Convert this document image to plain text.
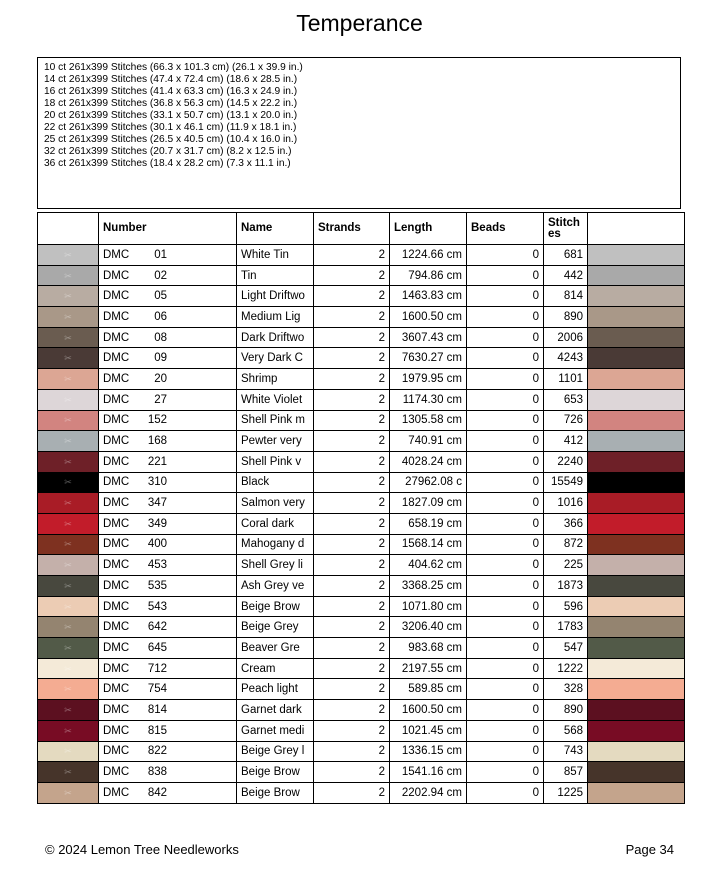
Temperance
10 ct 261x399 Stitches (66.3 x 101.3 cm) (26.1 x 39.9 in.)
14 ct 261x399 Stitches (47.4 x 72.4 cm) (18.6 x 28.5 in.)
16 ct 261x399 Stitches (41.4 x 63.3 cm) (16.3 x 24.9 in.)
18 ct 261x399 Stitches (36.8 x 56.3 cm) (14.5 x 22.2 in.)
20 ct 261x399 Stitches (33.1 x 50.7 cm) (13.1 x 20.0 in.)
22 ct 261x399 Stitches (30.1 x 46.1 cm) (11.9 x 18.1 in.)
25 ct 261x399 Stitches (26.5 x 40.5 cm) (10.4 x 16.0 in.)
32 ct 261x399 Stitches (20.7 x 31.7 cm) (8.2 x 12.5 in.)
36 ct 261x399 Stitches (18.4 x 28.2 cm) (7.3 x 11.1 in.)
	Number	Name	Strands	Length	Beads	Stitch es	
✂	DMC 01	White Tin	2	1224.66 cm	0	681	
✂	DMC 02	Tin	2	794.86 cm	0	442	
✂	DMC 05	Light Driftwo	2	1463.83 cm	0	814	
✂	DMC 06	Medium Lig	2	1600.50 cm	0	890	
✂	DMC 08	Dark Driftwo	2	3607.43 cm	0	2006	
✂	DMC 09	Very Dark C	2	7630.27 cm	0	4243	
✂	DMC 20	Shrimp	2	1979.95 cm	0	1101	
✂	DMC 27	White Violet	2	1174.30 cm	0	653	
✂	DMC 152	Shell Pink m	2	1305.58 cm	0	726	
✂	DMC 168	Pewter very	2	740.91 cm	0	412	
✂	DMC 221	Shell Pink v	2	4028.24 cm	0	2240	
✂	DMC 310	Black	2	27962.08 c	0	15549	
✂	DMC 347	Salmon very	2	1827.09 cm	0	1016	
✂	DMC 349	Coral dark	2	658.19 cm	0	366	
✂	DMC 400	Mahogany d	2	1568.14 cm	0	872	
✂	DMC 453	Shell Grey li	2	404.62 cm	0	225	
✂	DMC 535	Ash Grey ve	2	3368.25 cm	0	1873	
✂	DMC 543	Beige Brow	2	1071.80 cm	0	596	
✂	DMC 642	Beige Grey	2	3206.40 cm	0	1783	
✂	DMC 645	Beaver Gre	2	983.68 cm	0	547	
✂	DMC 712	Cream	2	2197.55 cm	0	1222	
✂	DMC 754	Peach light	2	589.85 cm	0	328	
✂	DMC 814	Garnet dark	2	1600.50 cm	0	890	
✂	DMC 815	Garnet medi	2	1021.45 cm	0	568	
✂	DMC 822	Beige Grey l	2	1336.15 cm	0	743	
✂	DMC 838	Beige Brow	2	1541.16 cm	0	857	
✂	DMC 842	Beige Brow	2	2202.94 cm	0	1225	
© 2024 Lemon Tree Needleworks	Page 34
